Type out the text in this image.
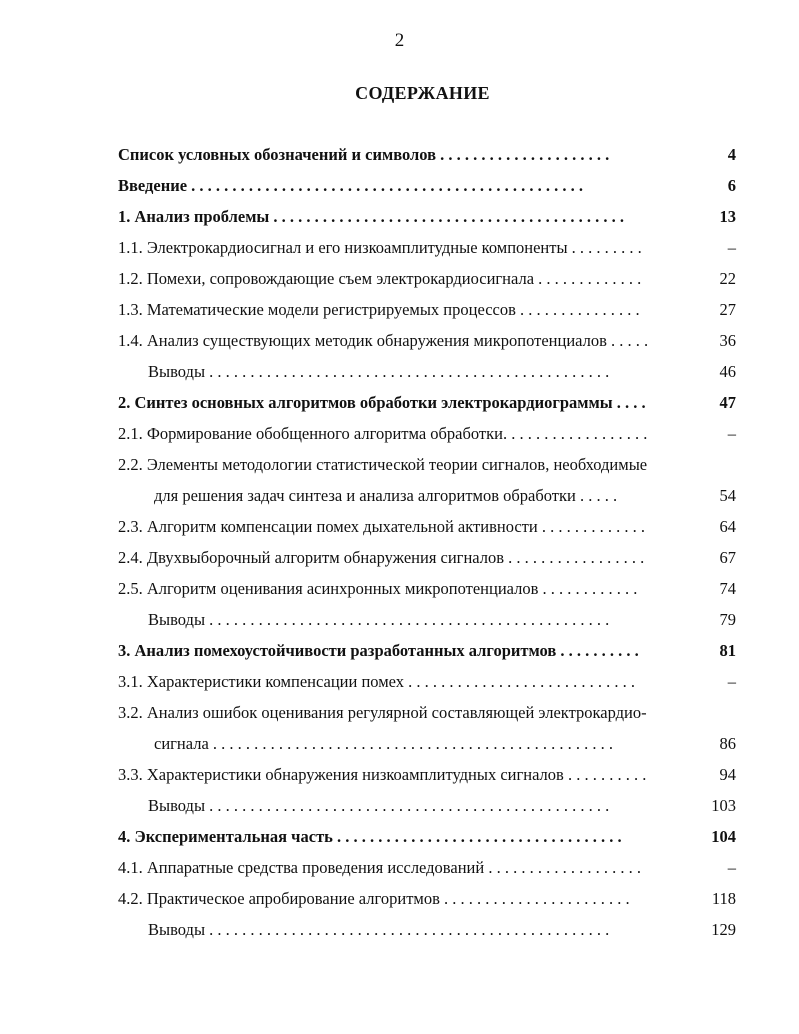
2
СОДЕРЖАНИЕ
Список условных обозначений и символов . . . . . . . . . . . . . . . . . . . . .	4
Введение . . . . . . . . . . . . . . . . . . . . . . . . . . . . . . . . . . . . . . . . . . . . . . . .	6
1. Анализ проблемы . . . . . . . . . . . . . . . . . . . . . . . . . . . . . . . . . . . . . . . . . . .	13
1.1. Электрокардиосигнал и его низкоамплитудные компоненты . . . . . . . . .	–
1.2. Помехи, сопровождающие съем электрокардиосигнала . . . . . . . . . . . . .	22
1.3. Математические модели регистрируемых процессов . . . . . . . . . . . . . . .	27
1.4. Анализ существующих методик обнаружения микропотенциалов . . . . .	36
Выводы . . . . . . . . . . . . . . . . . . . . . . . . . . . . . . . . . . . . . . . . . . . . . . . . .	46
2. Синтез основных алгоритмов обработки электрокардиограммы . . . .	47
2.1. Формирование обобщенного алгоритма обработки. . . . . . . . . . . . . . . . . .	–
2.2. Элементы методологии статистической теории сигналов, необходимые
для решения задач синтеза и анализа алгоритмов обработки . . . . .	54
2.3. Алгоритм компенсации помех дыхательной активности . . . . . . . . . . . . .	64
2.4. Двухвыборочный алгоритм обнаружения сигналов . . . . . . . . . . . . . . . . .	67
2.5. Алгоритм оценивания асинхронных микропотенциалов . . . . . . . . . . . .	74
Выводы . . . . . . . . . . . . . . . . . . . . . . . . . . . . . . . . . . . . . . . . . . . . . . . . .	79
3. Анализ помехоустойчивости разработанных алгоритмов . . . . . . . . . .	81
3.1. Характеристики компенсации помех . . . . . . . . . . . . . . . . . . . . . . . . . . . .	–
3.2. Анализ ошибок оценивания регулярной составляющей электрокардио-
сигнала . . . . . . . . . . . . . . . . . . . . . . . . . . . . . . . . . . . . . . . . . . . . . . . . .	86
3.3. Характеристики обнаружения низкоамплитудных сигналов . . . . . . . . . .	94
Выводы . . . . . . . . . . . . . . . . . . . . . . . . . . . . . . . . . . . . . . . . . . . . . . . . .	103
4. Экспериментальная часть . . . . . . . . . . . . . . . . . . . . . . . . . . . . . . . . . . .	104
4.1. Аппаратные средства проведения исследований . . . . . . . . . . . . . . . . . . .	–
4.2. Практическое апробирование алгоритмов . . . . . . . . . . . . . . . . . . . . . . .	118
Выводы . . . . . . . . . . . . . . . . . . . . . . . . . . . . . . . . . . . . . . . . . . . . . . . . .	129
